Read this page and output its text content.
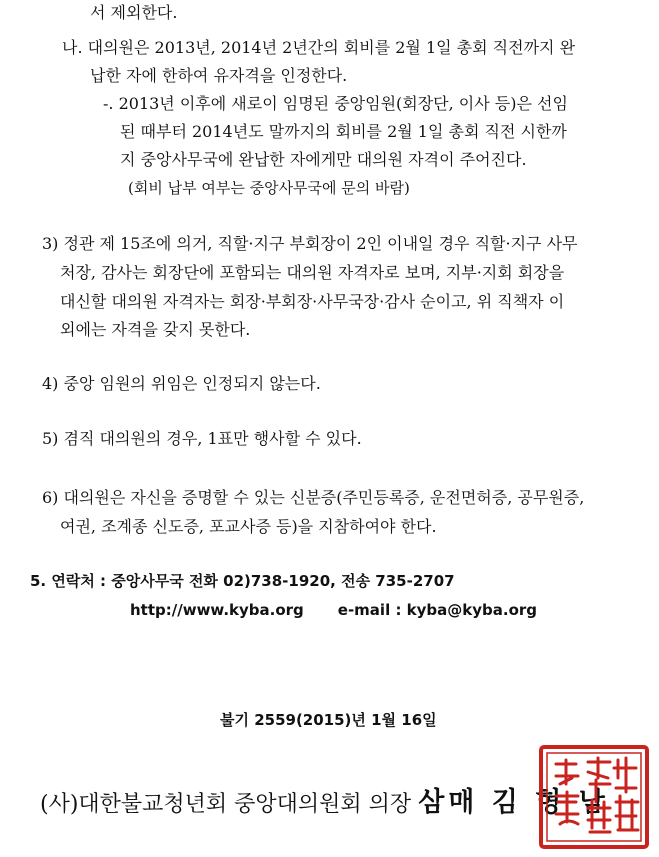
서 제외한다.
나. 대의원은 2013년, 2014년 2년간의 회비를 2월 1일 총회 직전까지 완
납한 자에 한하여 유자격을 인정한다.
-. 2013년 이후에 새로이 임명된 중앙임원(회장단, 이사 등)은 선임
된 때부터 2014년도 말까지의 회비를 2월 1일 총회 직전 시한까
지 중앙사무국에 완납한 자에게만 대의원 자격이 주어진다.
(회비 납부 여부는 중앙사무국에 문의 바람)
3) 정관 제 15조에 의거, 직할·지구 부회장이 2인 이내일 경우 직할·지구 사무
처장, 감사는 회장단에 포함되는 대의원 자격자로 보며, 지부·지회 회장을
대신할 대의원 자격자는 회장·부회장·사무국장·감사 순이고, 위 직책자 이
외에는 자격을 갖지 못한다.
4) 중앙 임원의 위임은 인정되지 않는다.
5) 겸직 대의원의 경우, 1표만 행사할 수 있다.
6) 대의원은 자신을 증명할 수 있는 신분증(주민등록증, 운전면허증, 공무원증,
여권, 조계종 신도증, 포교사증 등)을 지참하여야 한다.
5. 연락처 : 중앙사무국 전화 02)738-1920, 전송 735-2707
http://www.kyba.org e-mail : kyba@kyba.org
불기 2559(2015)년 1월 16일
(사)대한불교청년회 중앙대의원회 의장 삼매 김 형 남
